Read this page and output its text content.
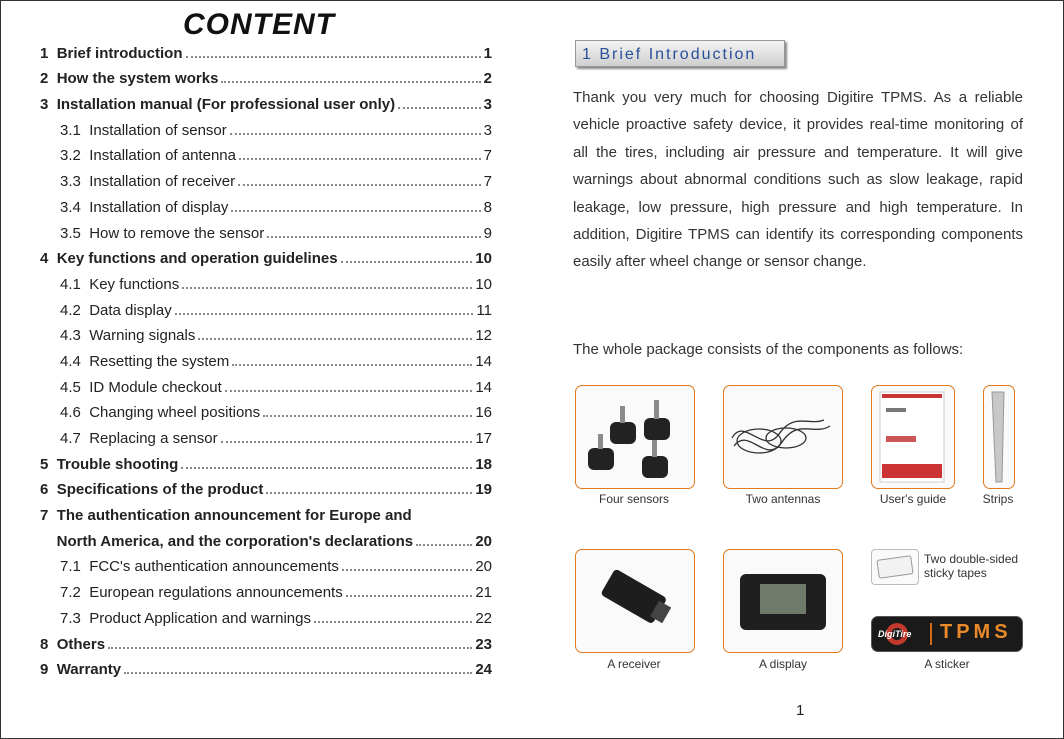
CONTENT
1 Brief introduction	1
2 How the system works	2
3 Installation manual (For professional user only)	3
3.1 Installation of sensor	3
3.2 Installation of antenna	7
3.3 Installation of receiver	7
3.4 Installation of display	8
3.5 How to remove the sensor	9
4 Key functions and operation guidelines	10
4.1 Key functions	10
4.2 Data display	11
4.3 Warning signals	12
4.4 Resetting the system	14
4.5 ID Module checkout	14
4.6 Changing wheel positions	16
4.7 Replacing a sensor	17
5 Trouble shooting	18
6 Specifications of the product	19
7 The authentication announcement for Europe and

North America, and the corporation's declarations	20
7.1 FCC's authentication announcements	20
7.2 European regulations announcements	21
7.3 Product Application and warnings	22
8 Others	23
9 Warranty	24
1 Brief Introduction
Thank you very much for choosing Digitire TPMS. As a reliable vehicle proactive safety device, it provides real-time monitoring of all the tires, including air pressure and temperature. It will give warnings about abnormal conditions such as slow leakage, rapid leakage, low pressure, high pressure and high temperature. In addition, Digitire TPMS can identify its corresponding components easily after wheel change or sensor change.
The whole package consists of the components as follows:
Four sensors	Two antennas	User's guide	Strips
Two double-sided sticky tapes
DigiTire TPMS
A receiver	A display	A sticker
1
